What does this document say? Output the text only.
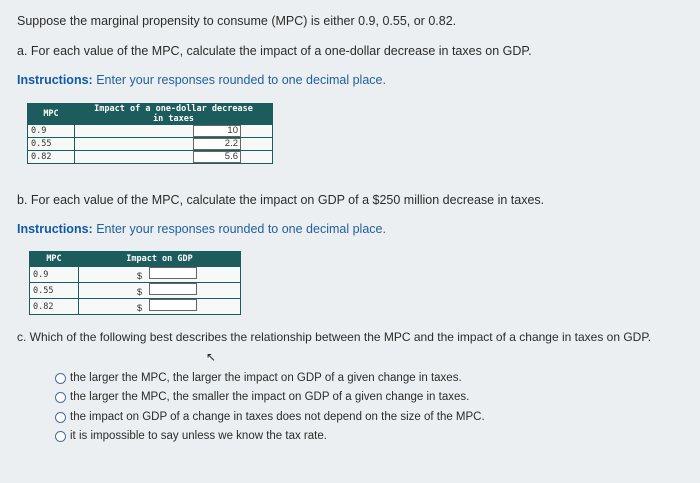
Suppose the marginal propensity to consume (MPC) is either 0.9, 0.55, or 0.82.
a. For each value of the MPC, calculate the impact of a one-dollar decrease in taxes on GDP.
Instructions: Enter your responses rounded to one decimal place.
MPC	Impact of a one-dollar decrease
in taxes

0.9	10
0.55	2.2
0.82	5.6
b. For each value of the MPC, calculate the impact on GDP of a $250 million decrease in taxes.
Instructions: Enter your responses rounded to one decimal place.
MPC	Impact on GDP
0.9	$
0.55	$
0.82	$
c. Which of the following best describes the relationship between the MPC and the impact of a change in taxes on GDP.
↖
the larger the MPC, the larger the impact on GDP of a given change in taxes.
the larger the MPC, the smaller the impact on GDP of a given change in taxes.
the impact on GDP of a change in taxes does not depend on the size of the MPC.
it is impossible to say unless we know the tax rate.
